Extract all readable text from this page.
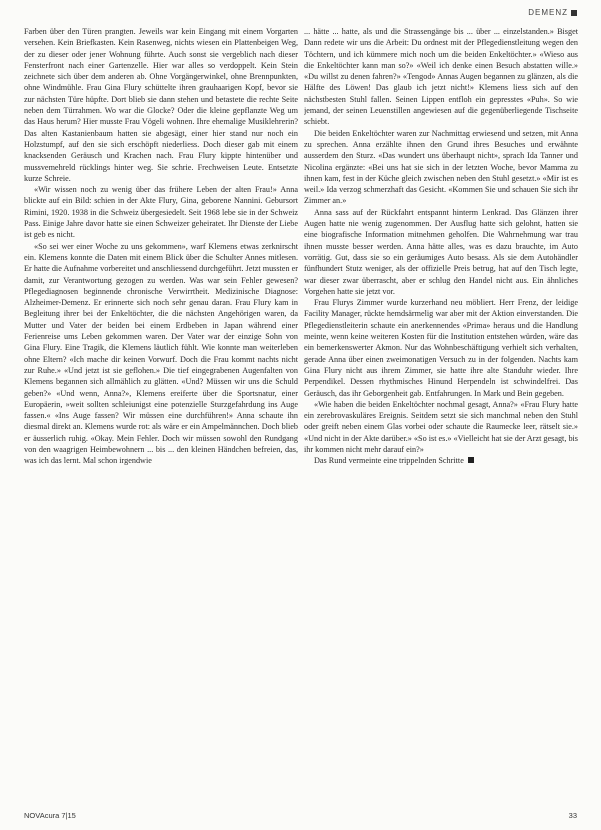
DEMENZ

Farben über den Türen prangten. Jeweils war kein Eingang mit einem Vorgarten versehen. Kein Briefkasten. Kein Rasenweg, nichts wiesen ein Plattenbeigen Weg, der zu dieser oder jener Wohnung führte. Auch sonst sie vergeblich nach dieser Fensterfront nach einer Gartenzelle. Hier war alles so verdoppelt. Kein Stein zeichnete sich über dem anderen ab. Ohne Vorgängerwinkel, ohne Brennpunkten, ohne Windmühle. Frau Gina Flury schüttelte ihren grauhaarigen Kopf, bevor sie zur nächsten Türe hüpfte. Dort blieb sie dann stehen und betastete die rechte Seite neben dem Türrahmen. Wo war die Glocke? Oder die kleine gepflanzte Weg um das Haus herum? Hier musste Frau Vögeli wohnen. Ihre ehemalige Musiklehrerin? Das alten Kastanienbaum hatten sie abgesägt, einer hier stand nur noch ein Holzstumpf, auf den sie sich erschöpft niederliess. Doch dieser gab mit einem knacksenden Geräusch und Krachen nach. Frau Flury kippte hintenüber und mussvemehreld rücklings hinter weg. Sie schrie. Frechweisen Leute. Entsetzte kurze Schreie.

«Wir wissen noch zu wenig über das frühere Leben der alten Frau!» Anna blickte auf ein Bild: schien in der Akte Flury, Gina, geborene Nannini. Gebursort Rimini, 1920. 1938 in die Schweiz übergesiedelt. Seit 1968 lebe sie in der Schweiz Pass. Einige Jahre davor hatte sie einen Schweizer geheiratet. Ihr Dienste der Liebe ist geb es nicht.

«So sei wer einer Woche zu uns gekommen», warf Klemens etwas zerknirscht ein. Klemens konnte die Daten mit einem Blick über die Schulter Annes mitlesen. Er hatte die Aufnahme vorbereitet und anschliessend durchgeführt. Jetzt mussten er damit, zur Verantwortung gezogen zu werden. Was war sein Fehler gewesen? Pflegediagnosen beginnende chronische Verwirrtheit. Medizinische Diagnose: Alzheimer-Demenz. Er erinnerte sich noch sehr genau daran. Frau Flury kam in Begleitung ihrer bei der Enkeltöchter, die die nächsten Angehörigen waren, da Mutter und Vater der beiden bei einem Erdbeben in Japan während einer Ferienreise ums Leben gekommen waren. Der Vater war der einzige Sohn von Gina Flury. Eine Tragik, die Klemens läutlich fühlt. Wie konnte man weiterleben ohne Eltern? «Ich mache dir keinen Vorwurf. Doch die Frau kommt nachts nicht zur Ruhe.» «Und jetzt ist sie geflohen.» Die tief eingegrabenen Augenfalten von Klemens begannen sich allmählich zu glätten. «Und? Müssen wir uns die Schuld geben?» «Und wenn, Anna?», Klemens ereiferte über die Sportsnatur, einer Europäerin, »weit sollten schleiunigst eine potenzielle Sturzgefahrdung ins Auge fassen.« «Ins Auge fassen? Wir müssen eine durchführen!» Anna schaute ihn diesmal direkt an. Klemens wurde rot: als wäre er ein Ampelmännchen. Doch blieb er äusserlich ruhig. «Okay. Mein Fehler. Doch wir müssen sowohl den Rundgang von den waagrigen Heimbewohnern ... bis ... den kleinen Händchen befreien, das, was ich das lernt. Mal schon irgendwie

... hätte ... hatte, als und die Strassengänge bis ... über ... einzelstanden.» Bisget Dann redete wir uns die Arbeit: Du ordnest mit der Pflegedienstleitung wegen den Töchtern, und ich kümmere mich noch um die beiden Enkeltöchter.» «Wieso aus die Enkeltöchter kann man so?» «Weil ich denke einen Besuch abstatten wille.» «Du willst zu denen fahren?» «Tengod» Annas Augen begannen zu glänzen, als die Hälfte des Löwen! Das glaub ich jetzt nicht!» Klemens liess sich auf den nächstbesten Stuhl fallen. Seinen Lippen entfloh ein gepresstes «Puh». So wie jemand, der seinen Leuenstillen angewiesen auf die gegenüberliegende Tischseite schiebt.

Die beiden Enkeltöchter waren zur Nachmittag erwiesend und setzen, mit Anna zu sprechen. Anna erzählte ihnen den Grund ihres Besuches und erwähnte ausserdem den Sturz. «Das wundert uns überhaupt nicht», sprach Ida Tanner und Nicolina ergänzte: «Bei uns hat sie sich in der letzten Woche, bevor Mamma zu ihnen kam, fest in der Küche gleich zwischen neben den Stuhl gesetzt.» «Mir ist es weil.» Ida verzog schmerzhaft das Gesicht. «Kommen Sie und schauen Sie sich ihr Zimmer an.»

Anna sass auf der Rückfahrt entspannt hinterm Lenkrad. Das Glänzen ihrer Augen hatte nie wenig zugenommen. Der Ausflug hatte sich gelohnt, hatten sie eine biografische Information mitnehmen geholfen. Die Wahrnehmung war trau ihnen musste besser werden. Anna hätte alles, was es dazu brauchte, im Auto vorrätig. Gut, dass sie so ein geräumiges Auto besass. Als sie dem Autohändler fünfhundert Stutz weniger, als der offizielle Preis betrug, hat auf den Tisch legte, war dieser zwar überrascht, aber er schlug den Handel nicht aus. Ein ähnliches Vorgehen hatte sie jetzt vor.

Frau Flurys Zimmer wurde kurzerhand neu möbliert. Herr Frenz, der leidige Facility Manager, rückte hemdsärmelig war aber mit der Aktion einverstanden. Die Pflegedienstleiterin schaute ein anerkennendes «Prima» heraus und die Handlung meinte, wenn keine weiteren Kosten für die Institution entstehen würden, wäre das ein bemerkenswerter Akmon. Nur das Wohnbeschäftigung verhielt sich verhalten, gerade Anna über einen zweimonatigen Versuch zu in der folgenden. Nachts kam Gina Flury nicht aus ihrem Zimmer, sie hatte ihre alte Standuhr wieder. Ihre Perpendikel. Dessen rhythmisches Hinund Herpendeln ist schwindelfrei. Das Geräusch, das ihr Geborgenheit gab. Entfahrungen. In Mark und Bein gegeben.

«Wie haben die beiden Enkeltöchter nochmal gesagt, Anna?» «Frau Flury hatte ein zerebrovaskuläres Ereignis. Seitdem setzt sie sich manchmal neben den Stuhl oder greift neben einem Glas vorbei oder schaute die Raumecke leer, rätselt sie.» «Und nicht in der Akte darüber.» «So ist es.» «Vielleicht hat sie der Arzt gesagt, bis ihr kommen nicht mehr darauf ein?»

Das Rund vermeinte eine trippelnden Schritte

NOVAcura 7|15	33
